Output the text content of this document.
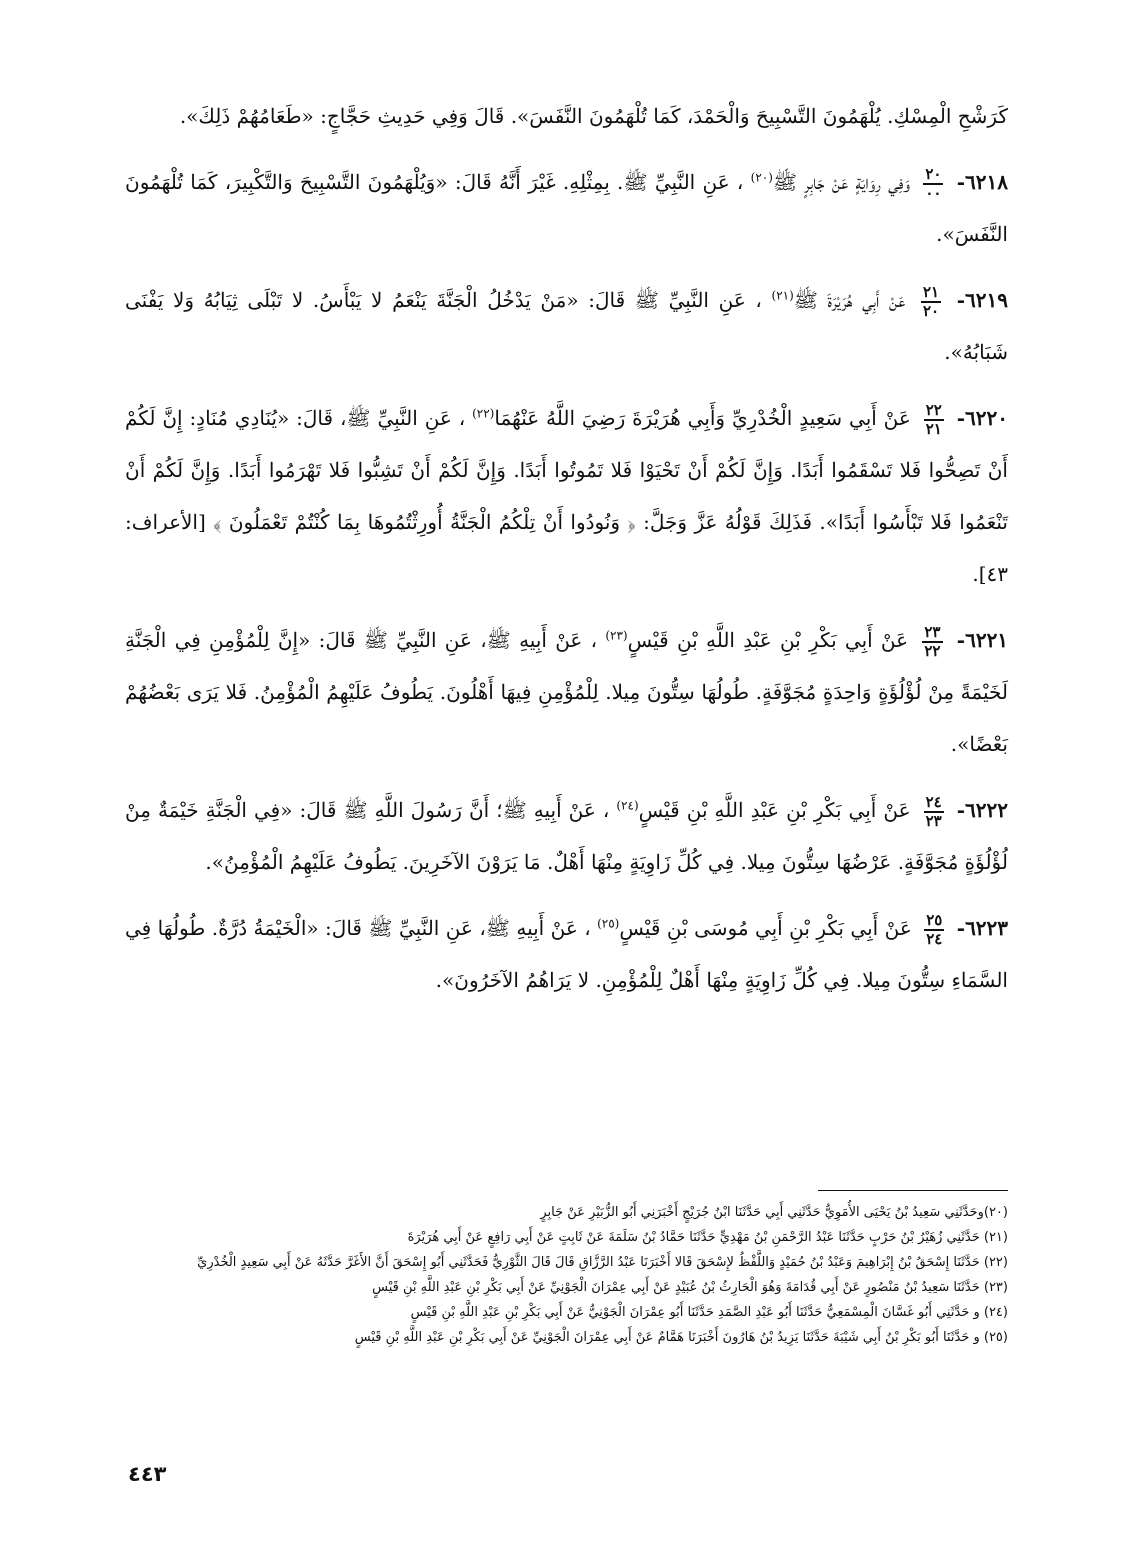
كَرَشْحِ الْمِسْكِ. يُلْهَمُونَ التَّسْبِيحَ وَالْحَمْدَ، كَمَا تُلْهَمُونَ النَّفَسَ». قَالَ وَفِي حَدِيثِ حَجَّاجٍ: «طَعَامُهُمْ ذَلِكَ».

٦٢١٨-
$\frac{٢٠}{٠٠}$
وَفِي رِوَايَةٍ عَنْ جَابِرٍ ﷺ$^{(٢٠)}$ ، عَنِ النَّبِيِّ ﷺ. بِمِثْلِهِ. غَيْرَ أَنَّهُ قَالَ: «وَيُلْهَمُونَ التَّسْبِيحَ وَالتَّكْبِيرَ، كَمَا تُلْهَمُونَ النَّفَسَ».

٦٢١٩-
$\frac{٢١}{٢٠}$
عَنْ أَبِي هُرَيْرَةَ ﷺ$^{(٢١)}$ ، عَنِ النَّبِيِّ ﷺ قَالَ: «مَنْ يَدْخُلُ الْجَنَّةَ يَنْعَمُ لا يَبْأَسُ. لا تَبْلَى ثِيَابُهُ وَلا يَفْنَى شَبَابُهُ».

٦٢٢٠-
$\frac{٢٢}{٢١}$
عَنْ أَبِي سَعِيدٍ الْخُدْرِيِّ وَأَبِي هُرَيْرَةَ رَضِيَ اللَّهُ عَنْهُمَا$^{(٢٢)}$ ، عَنِ النَّبِيِّ ﷺ، قَالَ: «يُنَادِي مُنَادٍ: إِنَّ لَكُمْ أَنْ تَصِحُّوا فَلا تَسْقَمُوا أَبَدًا. وَإِنَّ لَكُمْ أَنْ تَحْيَوْا فَلا تَمُوتُوا أَبَدًا. وَإِنَّ لَكُمْ أَنْ تَشِبُّوا فَلا تَهْرَمُوا أَبَدًا. وَإِنَّ لَكُمْ أَنْ تَنْعَمُوا فَلا تَبْأَسُوا أَبَدًا». فَذَلِكَ قَوْلُهُ عَزَّ وَجَلَّ: ﴿ وَنُودُوا أَنْ تِلْكُمُ الْجَنَّةُ أُورِثْتُمُوهَا بِمَا كُنْتُمْ تَعْمَلُونَ ﴾ [الأعراف: ٤٣].

٦٢٢١-
$\frac{٢٣}{٢٢}$
عَنْ أَبِي بَكْرِ بْنِ عَبْدِ اللَّهِ بْنِ قَيْسٍ$^{(٢٣)}$ ، عَنْ أَبِيهِ ﷺ، عَنِ النَّبِيِّ ﷺ قَالَ: «إِنَّ لِلْمُؤْمِنِ فِي الْجَنَّةِ لَخَيْمَةً مِنْ لُؤْلُؤَةٍ وَاحِدَةٍ مُجَوَّفَةٍ. طُولُهَا سِتُّونَ مِيلا. لِلْمُؤْمِنِ فِيهَا أَهْلُونَ. يَطُوفُ عَلَيْهِمُ الْمُؤْمِنُ. فَلا يَرَى بَعْضُهُمْ بَعْضًا».

٦٢٢٢-
$\frac{٢٤}{٢٣}$
عَنْ أَبِي بَكْرِ بْنِ عَبْدِ اللَّهِ بْنِ قَيْسٍ$^{(٢٤)}$ ، عَنْ أَبِيهِ ﷺ؛ أَنَّ رَسُولَ اللَّهِ ﷺ قَالَ: «فِي الْجَنَّةِ خَيْمَةٌ مِنْ لُؤْلُؤَةٍ مُجَوَّفَةٍ. عَرْضُهَا سِتُّونَ مِيلا. فِي كُلِّ زَاوِيَةٍ مِنْهَا أَهْلٌ. مَا يَرَوْنَ الآخَرِينَ. يَطُوفُ عَلَيْهِمُ الْمُؤْمِنُ».

٦٢٢٣-
$\frac{٢٥}{٢٤}$
عَنْ أَبِي بَكْرِ بْنِ أَبِي مُوسَى بْنِ قَيْسٍ$^{(٢٥)}$ ، عَنْ أَبِيهِ ﷺ، عَنِ النَّبِيِّ ﷺ قَالَ: «الْخَيْمَةُ دُرَّةٌ. طُولُهَا فِي السَّمَاءِ سِتُّونَ مِيلا. فِي كُلِّ زَاوِيَةٍ مِنْهَا أَهْلٌ لِلْمُؤْمِنِ. لا يَرَاهُمُ الآخَرُونَ».

(٢٠)وحَدَّثَنِي سَعِيدُ بْنُ يَحْيَى الأُمَوِيُّ حَدَّثَنِي أَبِي حَدَّثَنَا ابْنُ جُرَيْجٍ أَخْبَرَنِي أَبُو الزُّبَيْرِ عَنْ جَابِرٍ

(٢١) حَدَّثَنِي زُهَيْرُ بْنُ حَرْبٍ حَدَّثَنَا عَبْدُ الرَّحْمَنِ بْنُ مَهْدِيٍّ حَدَّثَنَا حَمَّادُ بْنُ سَلَمَةَ عَنْ ثَابِتٍ عَنْ أَبِي رَافِعٍ عَنْ أَبِي هُرَيْرَةَ

(٢٢) حَدَّثَنَا إِسْحَقُ بْنُ إِبْرَاهِيمَ وَعَبْدُ بْنُ حُمَيْدٍ وَاللَّفْظُ لإِسْحَقَ قَالا أَخْبَرَنَا عَبْدُ الرَّزَّاقِ قَالَ قَالَ الثَّوْرِيُّ فَحَدَّثَنِي أَبُو إِسْحَقَ أَنَّ الأَغَرَّ حَدَّثَهُ عَنْ أَبِي سَعِيدٍ الْخُدْرِيِّ

(٢٣) حَدَّثَنَا سَعِيدُ بْنُ مَنْصُورٍ عَنْ أَبِي قُدَامَةَ وَهُوَ الْحَارِثُ بْنُ عُبَيْدٍ عَنْ أَبِي عِمْرَانَ الْجَوْنِيِّ عَنْ أَبِي بَكْرِ بْنِ عَبْدِ اللَّهِ بْنِ قَيْسٍ

(٢٤) و حَدَّثَنِي أَبُو غَسَّانَ الْمِسْمَعِيُّ حَدَّثَنَا أَبُو عَبْدِ الصَّمَدِ حَدَّثَنَا أَبُو عِمْرَانَ الْجَوْنِيُّ عَنْ أَبِي بَكْرِ بْنِ عَبْدِ اللَّهِ بْنِ قَيْسٍ

(٢٥) و حَدَّثَنَا أَبُو بَكْرِ بْنُ أَبِي شَيْبَةَ حَدَّثَنَا يَزِيدُ بْنُ هَارُونَ أَخْبَرَنَا هَمَّامٌ عَنْ أَبِي عِمْرَانَ الْجَوْنِيِّ عَنْ أَبِي بَكْرِ بْنِ عَبْدِ اللَّهِ بْنِ قَيْسٍ

٤٤٣
